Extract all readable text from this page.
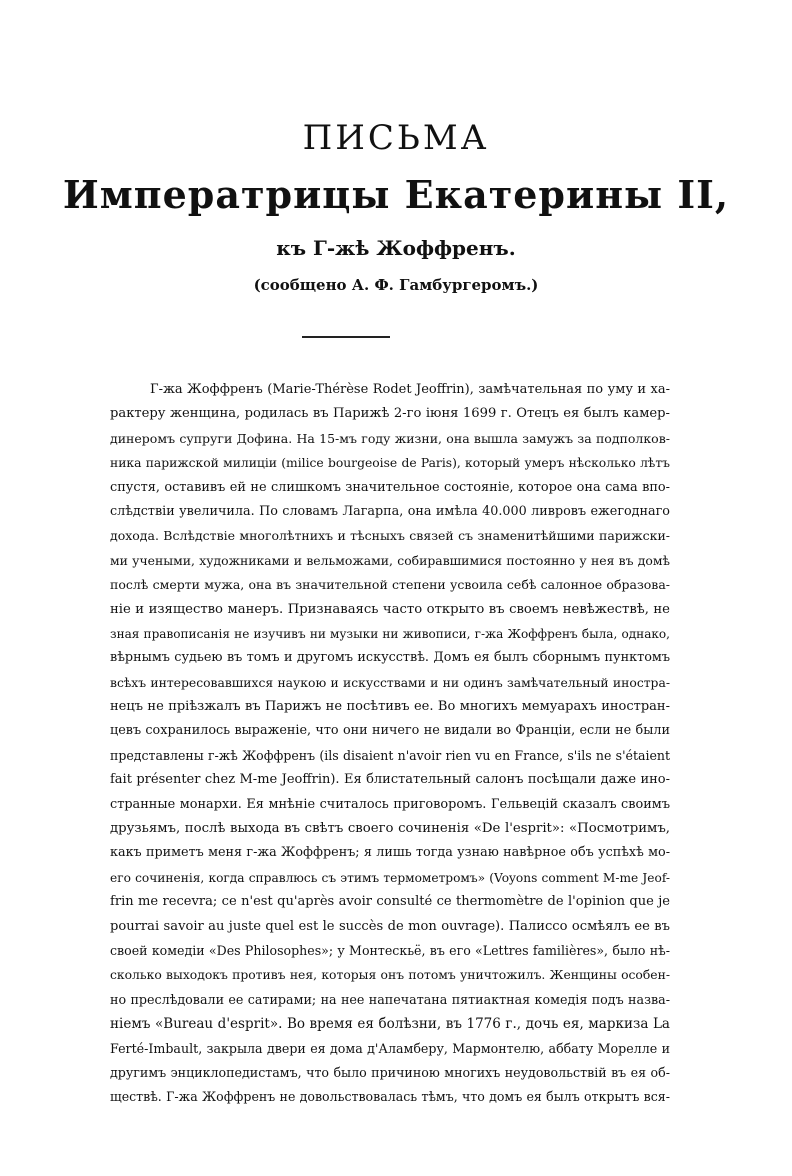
ПИСЬМА
Императрицы Екатерины II,
къ Г-жѣ Жоффренъ.
(сообщено А. Ф. Гамбургеромъ.)
Г-жа Жоффренъ (Marie-Thérèse Rodet Jeoffrin), замѣчательная по уму и ха-
рактеру женщина, родилась въ Парижѣ 2-го іюня 1699 г. Отецъ ея былъ камер-
динеромъ супруги Дофина. На 15-мъ году жизни, она вышла замужъ за подполков-
ника парижской милиціи (milice bourgeoise de Paris), который умеръ нѣсколько лѣтъ
спустя, оставивъ ей не слишкомъ значительное состояніе, которое она сама впо-
слѣдствіи увеличила. По словамъ Лагарпа, она имѣла 40.000 ливровъ ежегоднаго
дохода. Вслѣдствіе многолѣтнихъ и тѣсныхъ связей съ знаменитѣйшими парижски-
ми учеными, художниками и вельможами, собиравшимися постоянно у нея въ домѣ
послѣ смерти мужа, она въ значительной степени усвоила себѣ салонное образова-
ніе и изящество манеръ. Признаваясь часто открыто въ своемъ невѣжествѣ, не
зная правописанія не изучивъ ни музыки ни живописи, г-жа Жоффренъ была, однако,
вѣрнымъ судьею въ томъ и другомъ искусствѣ. Домъ ея былъ сборнымъ пунктомъ
всѣхъ интересовавшихся наукою и искусствами и ни одинъ замѣчательный иностра-
нецъ не пріѣзжалъ въ Парижъ не посѣтивъ ее. Во многихъ мемуарахъ иностран-
цевъ сохранилось выраженіе, что они ничего не видали во Франціи, если не были
представлены г-жѣ Жоффренъ (ils disaient n'avoir rien vu en France, s'ils ne s'étaient
fait présenter chez M-me Jeoffrin). Ея блистательный салонъ посѣщали даже ино-
странные монархи. Ея мнѣніе считалось приговоромъ. Гельвецій сказалъ своимъ
друзьямъ, послѣ выхода въ свѣтъ своего сочиненія «De l'esprit»: «Посмотримъ,
какъ приметъ меня г-жа Жоффренъ; я лишь тогда узнаю навѣрное объ успѣхѣ мо-
его сочиненія, когда справлюсь съ этимъ термометромъ» (Voyons comment M-me Jeof-
frin me recevra; ce n'est qu'après avoir consulté ce thermomètre de l'opinion que je
pourrai savoir au juste quel est le succès de mon ouvrage). Палиссо осмѣялъ ее въ
своей комедіи «Des Philosophes»; у Монтескьё, въ его «Lettres familières», было нѣ-
сколько выходокъ противъ нея, которыя онъ потомъ уничтожилъ. Женщины особен-
но преслѣдовали ее сатирами; на нее напечатана пятиактная комедія подъ назва-
ніемъ «Bureau d'esprit». Во время ея болѣзни, въ 1776 г., дочь ея, маркиза La
Ferté-Imbault, закрыла двери ея дома д'Аламберу, Мармонтелю, аббату Морелле и
другимъ энциклопедистамъ, что было причиною многихъ неудовольствій въ ея об-
ществѣ. Г-жа Жоффренъ не довольствовалась тѣмъ, что домъ ея былъ открытъ вся-
